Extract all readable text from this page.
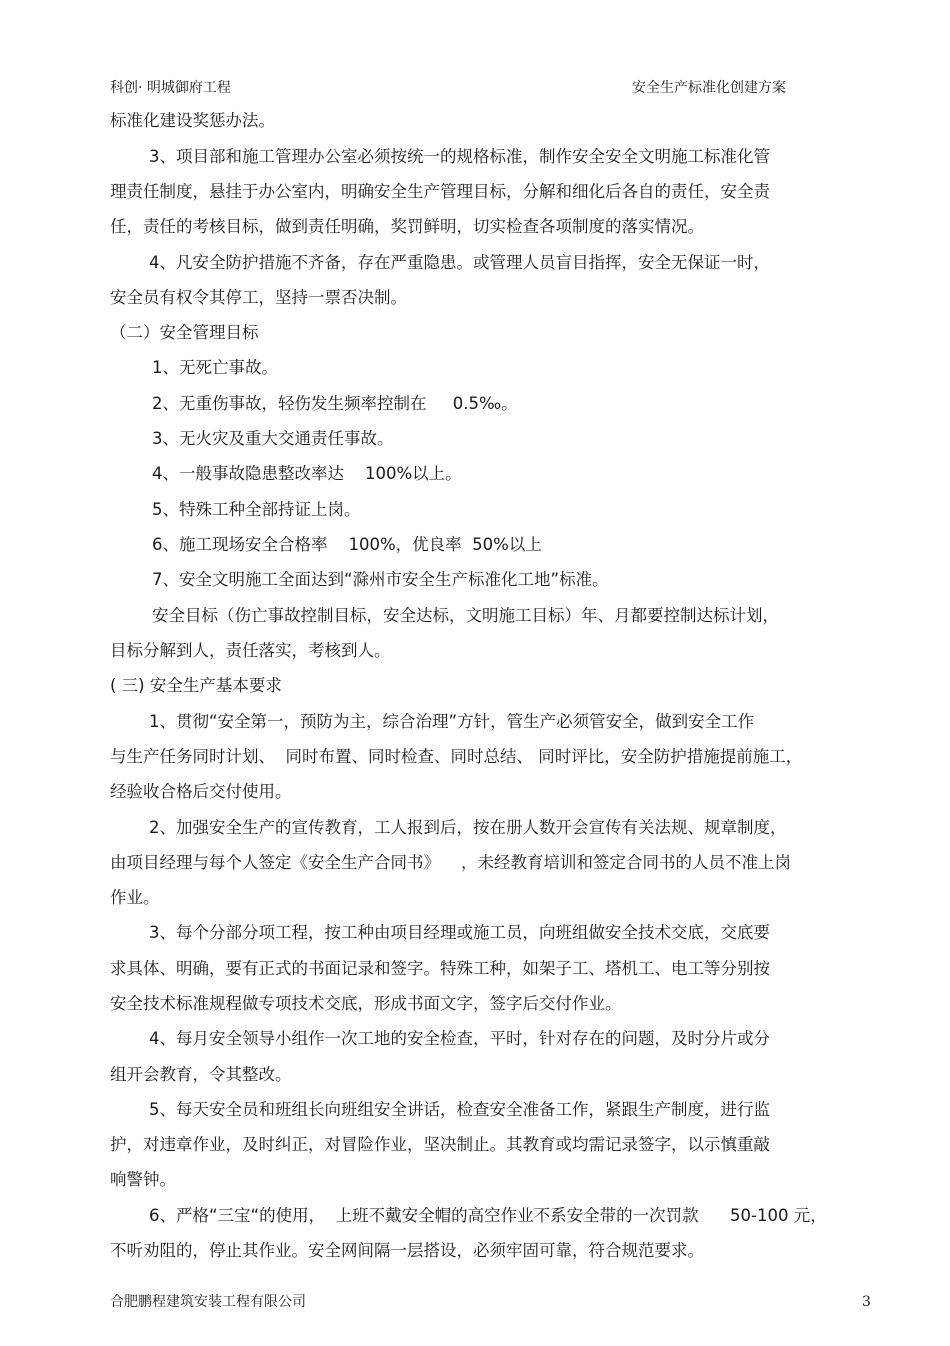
科创· 明城御府工程	安全生产标准化创建方案
标准化建设奖惩办法。
3、项目部和施工管理办公室必须按统一的规格标准，制作安全安全文明施工标准化管
理责任制度，悬挂于办公室内，明确安全生产管理目标，分解和细化后各自的责任，安全责
任，责任的考核目标，做到责任明确，奖罚鲜明，切实检查各项制度的落实情况。
4、凡安全防护措施不齐备，存在严重隐患。或管理人员盲目指挥，安全无保证一时，
安全员有权令其停工，坚持一票否决制。
（二）安全管理目标
1、无死亡事故。
2、无重伤事故，轻伤发生频率控制在     0.5‰。
3、无火灾及重大交通责任事故。
4、一般事故隐患整改率达    100%以上。
5、特殊工种全部持证上岗。
6、施工现场安全合格率    100%，优良率  50%以上
7、安全文明施工全面达到“滁州市安全生产标准化工地”标准。
安全目标（伤亡事故控制目标，安全达标，文明施工目标）年、月都要控制达标计划，
目标分解到人，责任落实，考核到人。
( 三) 安全生产基本要求
1、贯彻“安全第一，预防为主，综合治理”方针，管生产必须管安全，做到安全工作
与生产任务同时计划、  同时布置、同时检查、同时总结、 同时评比，安全防护措施提前施工，
经验收合格后交付使用。
2、加强安全生产的宣传教育，工人报到后，按在册人数开会宣传有关法规、规章制度，
由项目经理与每个人签定《安全生产合同书》    ，未经教育培训和签定合同书的人员不准上岗
作业。
3、每个分部分项工程，按工种由项目经理或施工员，向班组做安全技术交底，交底要
求具体、明确，要有正式的书面记录和签字。特殊工种，如架子工、塔机工、电工等分别按
安全技术标准规程做专项技术交底，形成书面文字，签字后交付作业。
4、每月安全领导小组作一次工地的安全检查，平时，针对存在的问题，及时分片或分
组开会教育，令其整改。
5、每天安全员和班组长向班组安全讲话，检查安全准备工作，紧跟生产制度，进行监
护，对违章作业，及时纠正，对冒险作业，坚决制止。其教育或均需记录签字，以示慎重敲
响警钟。
6、严格“三宝“的使用，  上班不戴安全帽的高空作业不系安全带的一次罚款      50-100 元，
不听劝阻的，停止其作业。安全网间隔一层搭设，必须牢固可靠，符合规范要求。
合肥鹏程建筑安装工程有限公司	3
